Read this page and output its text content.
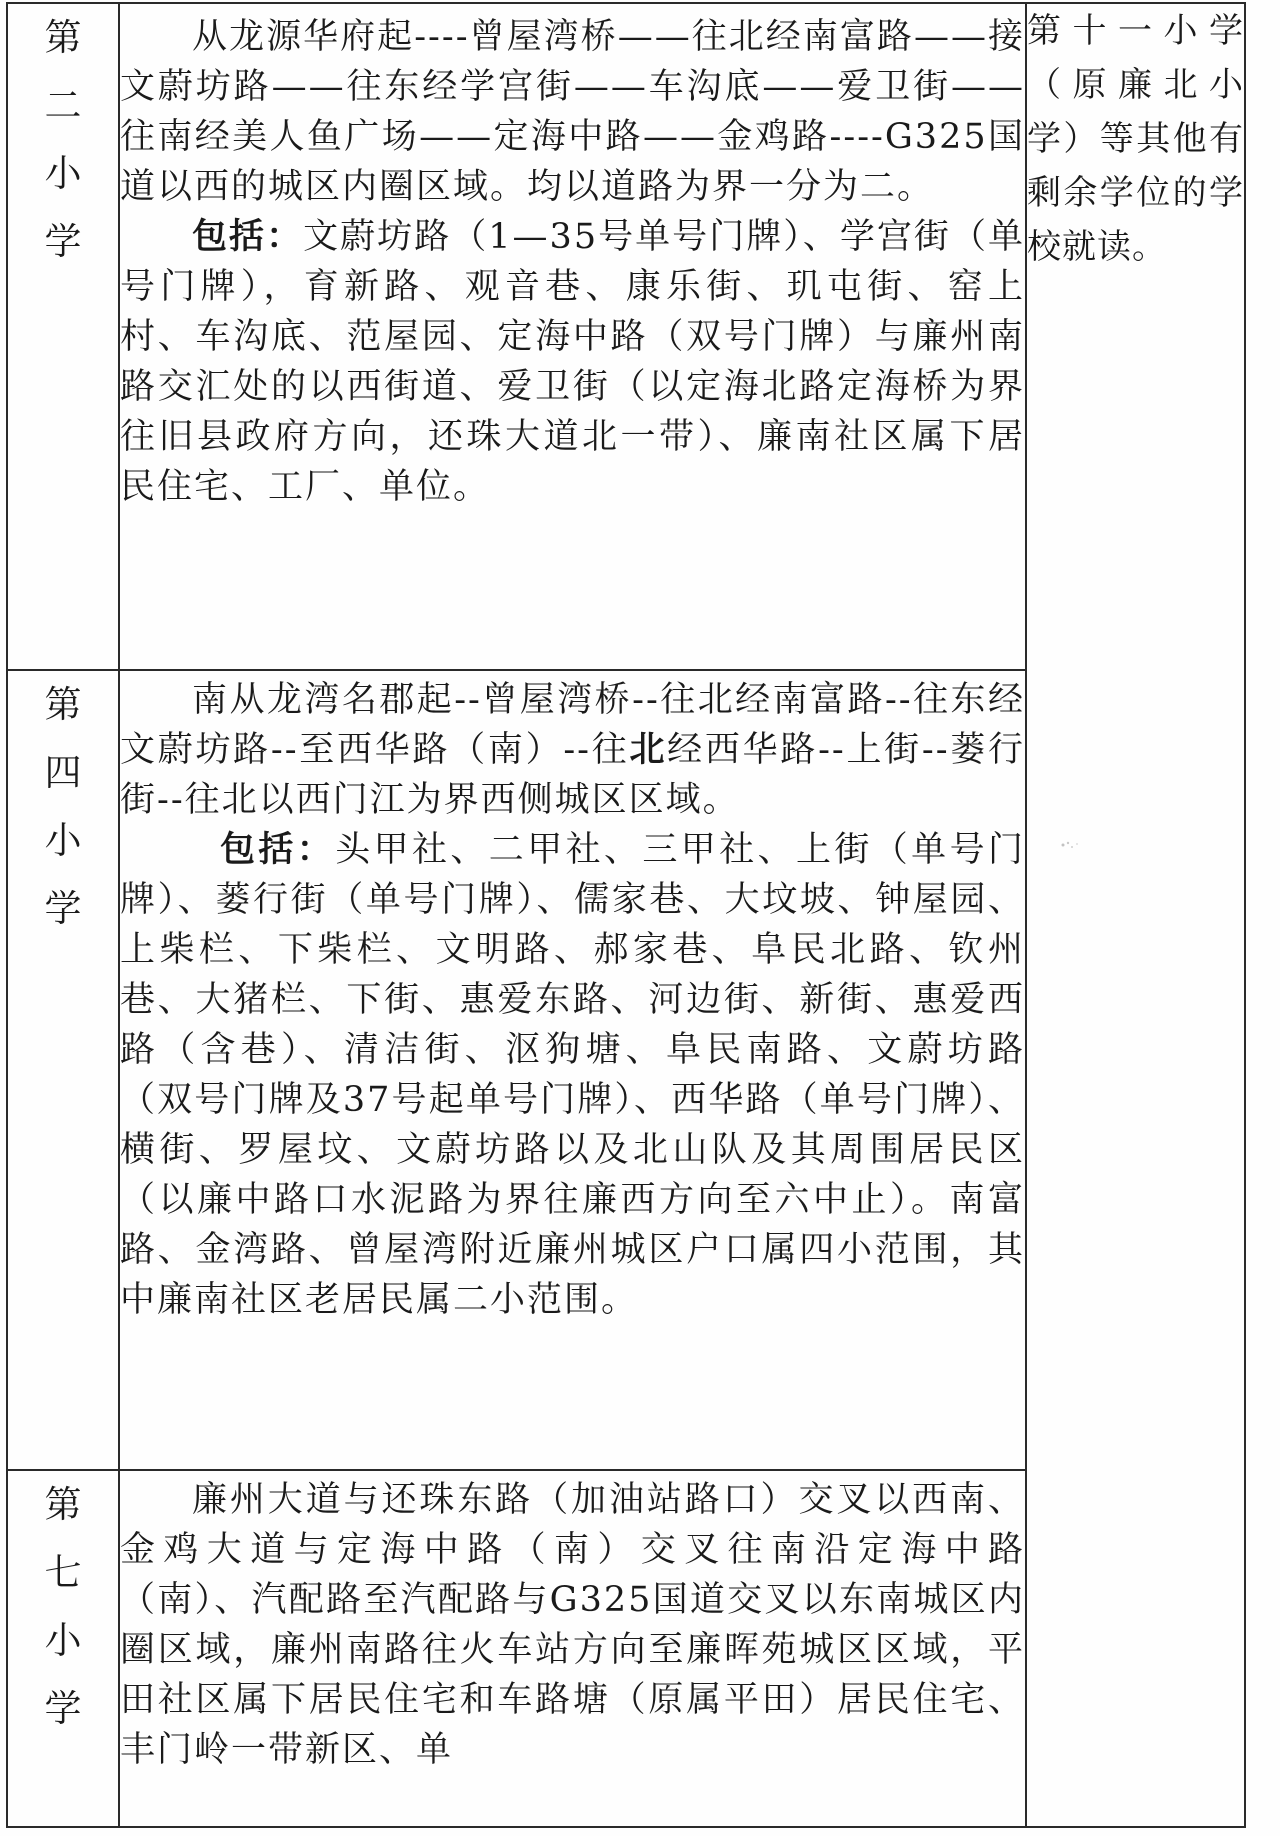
第二小学	从龙源华府起----曾屋湾桥——往北经南富路——接文蔚坊路——往东经学宫街——车沟底——爱卫街——往南经美人鱼广场——定海中路——金鸡路----G325国道以西的城区内圈区域。均以道路为界一分为二。

包括：文蔚坊路（1—35号单号门牌）、学宫街（单号门牌），育新路、观音巷、康乐街、玑屯街、窑上村、车沟底、范屋园、定海中路（双号门牌）与廉州南路交汇处的以西街道、爱卫街（以定海北路定海桥为界往旧县政府方向，还珠大道北一带）、廉南社区属下居民住宅、工厂、单位。	第十一小学（原廉北小学）等其他有剩余学位的学校就读。

第四小学	南从龙湾名郡起--曾屋湾桥--往北经南富路--往东经文蔚坊路--至西华路（南）--往北经西华路--上街--蒌行街--往北以西门江为界西侧城区区域。

包括：头甲社、二甲社、三甲社、上街（单号门牌）、蒌行街（单号门牌）、儒家巷、大坟坡、钟屋园、上柴栏、下柴栏、文明路、郝家巷、阜民北路、钦州巷、大猪栏、下街、惠爱东路、河边街、新街、惠爱西路（含巷）、清洁街、沤狗塘、阜民南路、文蔚坊路（双号门牌及37号起单号门牌）、西华路（单号门牌）、横街、罗屋坟、文蔚坊路以及北山队及其周围居民区（以廉中路口水泥路为界往廉西方向至六中止）。南富路、金湾路、曾屋湾附近廉州城区户口属四小范围，其中廉南社区老居民属二小范围。	

第七小学	廉州大道与还珠东路（加油站路口）交叉以西南、金鸡大道与定海中路（南）交叉往南沿定海中路（南）、汽配路至汽配路与G325国道交叉以东南城区内圈区域，廉州南路往火车站方向至廉晖苑城区区域，平田社区属下居民住宅和车路塘（原属平田）居民住宅、丰门岭一带新区、单	
